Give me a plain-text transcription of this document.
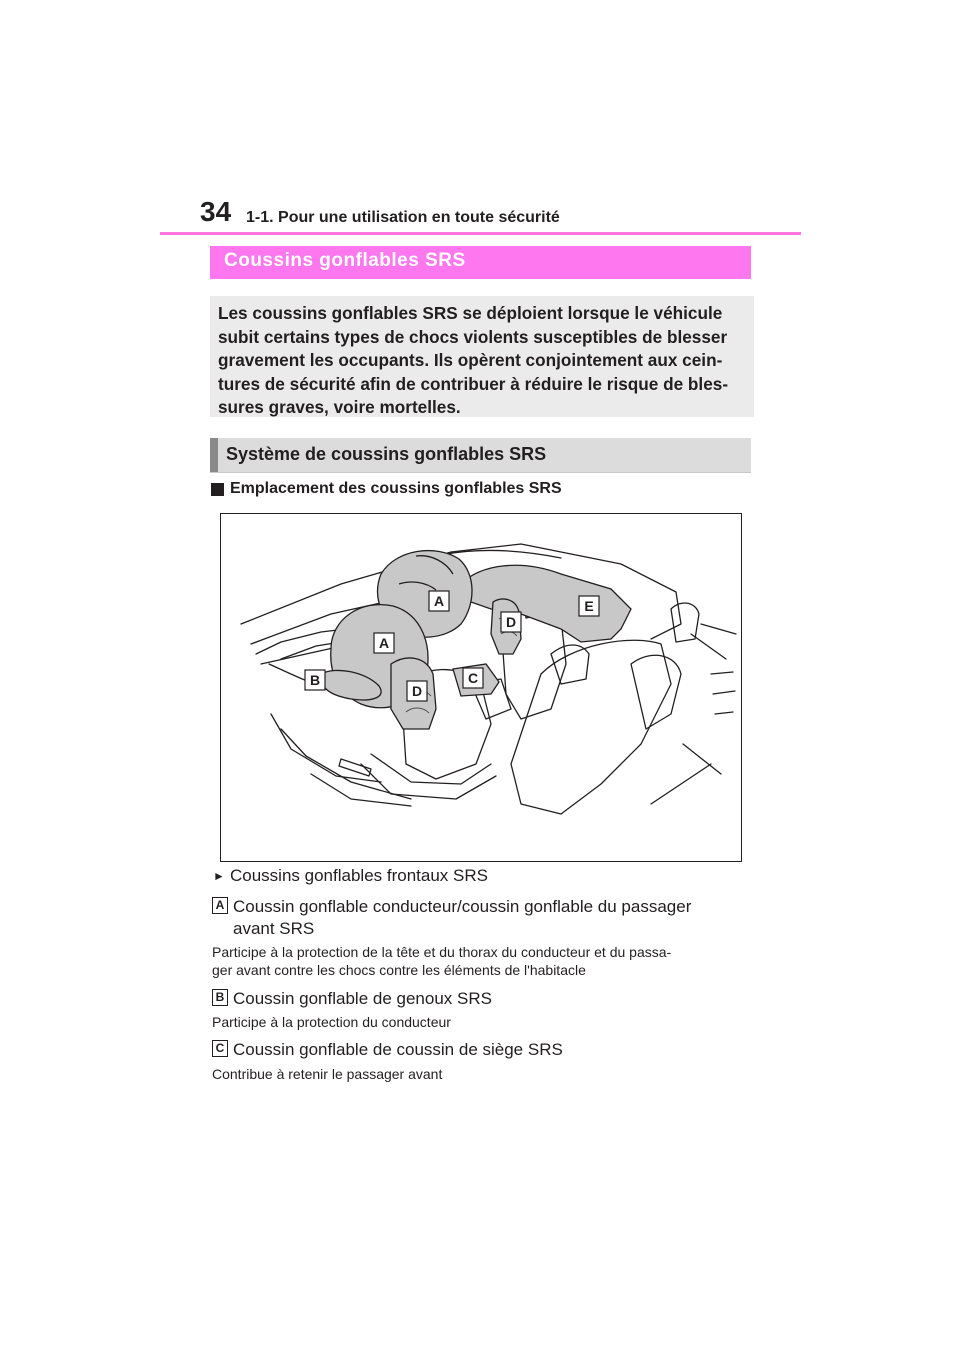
34 1-1. Pour une utilisation en toute sécurité
Coussins gonflables SRS

Les coussins gonflables SRS se déploient lorsque le véhicule
subit certains types de chocs violents susceptibles de blesser
gravement les occupants. Ils opèrent conjointement aux cein-
tures de sécurité afin de contribuer à réduire le risque de bles-
sures graves, voire mortelles.

Système de coussins gonflables SRS
Emplacement des coussins gonflables SRS
A
A
B	C
D
D
E
► Coussins gonflables frontaux SRS
A Coussin gonflable conducteur/coussin gonflable du passager
avant SRS
Participe à la protection de la tête et du thorax du conducteur et du passa-
ger avant contre les chocs contre les éléments de l'habitacle
B Coussin gonflable de genoux SRS
Participe à la protection du conducteur
C Coussin gonflable de coussin de siège SRS
Contribue à retenir le passager avant
